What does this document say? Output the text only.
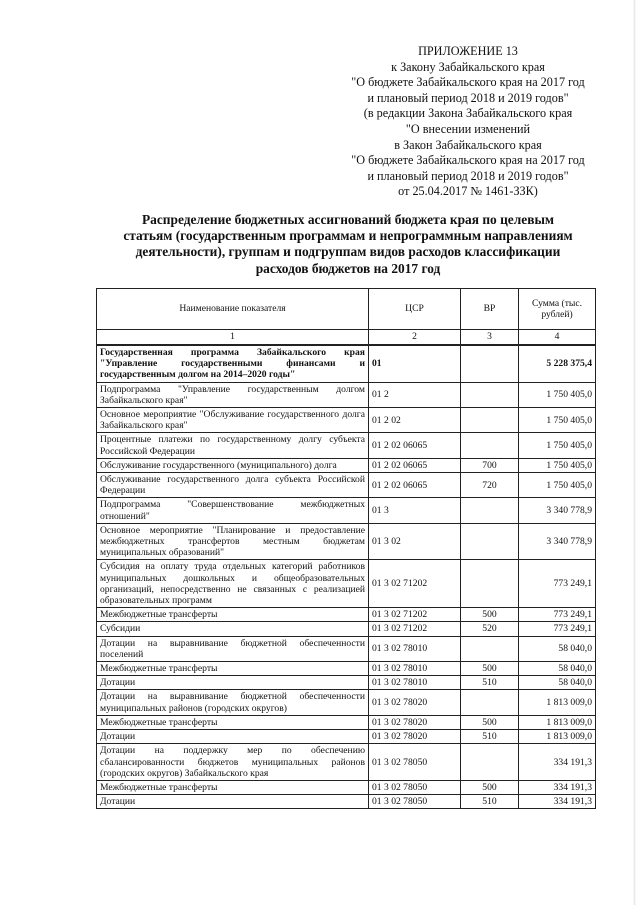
ПРИЛОЖЕНИЕ 13
к Закону Забайкальского края
"О бюджете Забайкальского края на 2017 год
и плановый период 2018 и 2019 годов"
(в редакции Закона Забайкальского края
"О внесении изменений
в Закон Забайкальского края
"О бюджете Забайкальского края на 2017 год
и плановый период 2018 и 2019 годов"
от 25.04.2017 № 1461-ЗЗК)
Распределение бюджетных ассигнований бюджета края по целевым
статьям (государственным программам и непрограммным направлениям
деятельности), группам и подгруппам видов расходов классификации
расходов бюджетов на 2017 год
Наименование показателя	ЦСР	ВР	Сумма (тыс. рублей)
1	2	3	4
Государственная программа Забайкальского края "Управление государственными финансами и государственным долгом на 2014–2020 годы"	01		5 228 375,4
Подпрограмма "Управление государственным долгом Забайкальского края"	01 2		1 750 405,0
Основное мероприятие "Обслуживание государственного долга Забайкальского края"	01 2 02		1 750 405,0
Процентные платежи по государственному долгу субъекта Российской Федерации	01 2 02 06065		1 750 405,0
Обслуживание государственного (муниципального) долга	01 2 02 06065	700	1 750 405,0
Обслуживание государственного долга субъекта Российской Федерации	01 2 02 06065	720	1 750 405,0
Подпрограмма "Совершенствование межбюджетных отношений"	01 3		3 340 778,9
Основное мероприятие "Планирование и предоставление межбюджетных трансфертов местным бюджетам муниципальных образований"	01 3 02		3 340 778,9
Субсидия на оплату труда отдельных категорий работников муниципальных дошкольных и общеобразовательных организаций, непосредственно не связанных с реализацией образовательных программ	01 3 02 71202		773 249,1
Межбюджетные трансферты	01 3 02 71202	500	773 249,1
Субсидии	01 3 02 71202	520	773 249,1
Дотации на выравнивание бюджетной обеспеченности поселений	01 3 02 78010		58 040,0
Межбюджетные трансферты	01 3 02 78010	500	58 040,0
Дотации	01 3 02 78010	510	58 040,0
Дотации на выравнивание бюджетной обеспеченности муниципальных районов (городских округов)	01 3 02 78020		1 813 009,0
Межбюджетные трансферты	01 3 02 78020	500	1 813 009,0
Дотации	01 3 02 78020	510	1 813 009,0
Дотации на поддержку мер по обеспечению сбалансированности бюджетов муниципальных районов (городских округов) Забайкальского края	01 3 02 78050		334 191,3
Межбюджетные трансферты	01 3 02 78050	500	334 191,3
Дотации	01 3 02 78050	510	334 191,3
